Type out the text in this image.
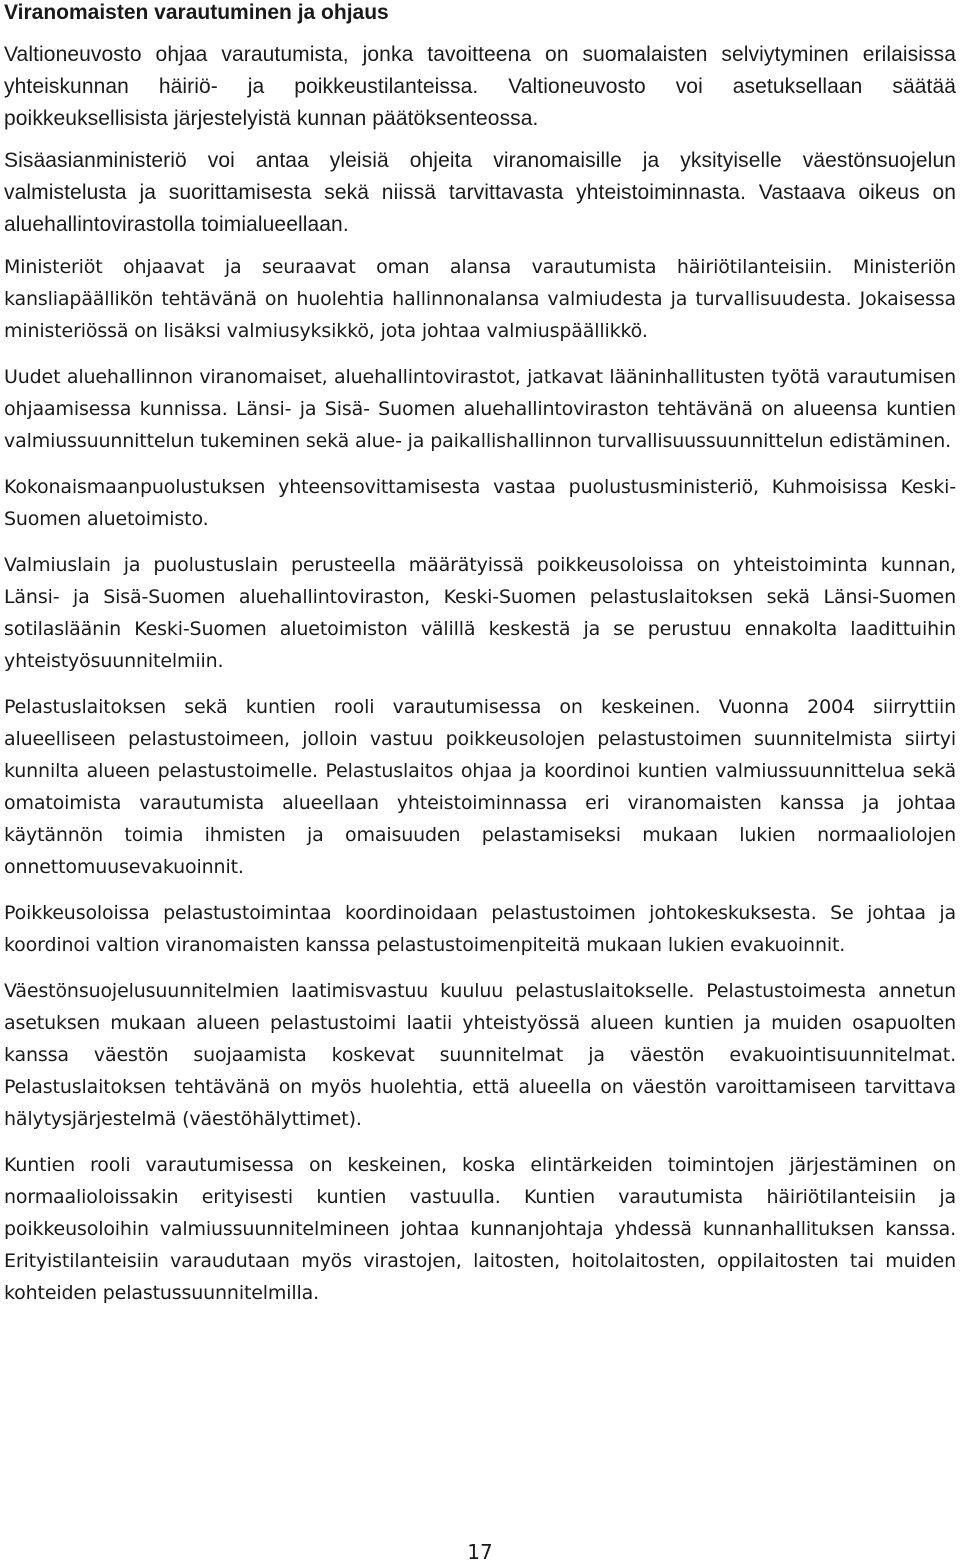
Viranomaisten varautuminen ja ohjaus

Valtioneuvosto ohjaa varautumista, jonka tavoitteena on suomalaisten selviytyminen erilaisissa yhteiskunnan häiriö- ja poikkeustilanteissa. Valtioneuvosto voi asetuksellaan säätää poikkeuksellisista järjestelyistä kunnan päätöksenteossa.

Sisäasianministeriö voi antaa yleisiä ohjeita viranomaisille ja yksityiselle väestönsuojelun valmistelusta ja suorittamisesta sekä niissä tarvittavasta yhteistoiminnasta. Vastaava oikeus on aluehallintovirastolla toimialueellaan.

Ministeriöt ohjaavat ja seuraavat oman alansa varautumista häiriötilanteisiin. Ministeriön kansliapäällikön tehtävänä on huolehtia hallinnonalansa valmiudesta ja turvallisuudesta. Jokaisessa ministeriössä on lisäksi valmiusyksikkö, jota johtaa valmiuspäällikkö.

Uudet aluehallinnon viranomaiset, aluehallintovirastot, jatkavat lääninhallitusten työtä varautumisen ohjaamisessa kunnissa. Länsi- ja Sisä- Suomen aluehallintoviraston tehtävänä on alueensa kuntien valmiussuunnittelun tukeminen sekä alue- ja paikallishallinnon turvallisuussuunnittelun edistäminen.

Kokonaismaanpuolustuksen yhteensovittamisesta vastaa puolustusministeriö, Kuhmoisissa Keski-Suomen aluetoimisto.

Valmiuslain ja puolustuslain perusteella määrätyissä poikkeusoloissa on yhteistoiminta kunnan, Länsi- ja Sisä-Suomen aluehallintoviraston, Keski-Suomen pelastuslaitoksen sekä Länsi-Suomen sotilasläänin Keski-Suomen aluetoimiston välillä keskestä ja se perustuu ennakolta laadittuihin yhteistyösuunnitelmiin.

Pelastuslaitoksen sekä kuntien rooli varautumisessa on keskeinen. Vuonna 2004 siirryttiin alueelliseen pelastustoimeen, jolloin vastuu poikkeusolojen pelastustoimen suunnitelmista siirtyi kunnilta alueen pelastustoimelle. Pelastuslaitos ohjaa ja koordinoi kuntien valmiussuunnittelua sekä omatoimista varautumista alueellaan yhteistoiminnassa eri viranomaisten kanssa ja johtaa käytännön toimia ihmisten ja omaisuuden pelastamiseksi mukaan lukien normaaliolojen onnettomuusevakuoinnit.

Poikkeusoloissa pelastustoimintaa koordinoidaan pelastustoimen johtokeskuksesta. Se johtaa ja koordinoi valtion viranomaisten kanssa pelastustoimenpiteitä mukaan lukien evakuoinnit.

Väestönsuojelusuunnitelmien laatimisvastuu kuuluu pelastuslaitokselle. Pelastustoimesta annetun asetuksen mukaan alueen pelastustoimi laatii yhteistyössä alueen kuntien ja muiden osapuolten kanssa väestön suojaamista koskevat suunnitelmat ja väestön evakuointisuunnitelmat. Pelastuslaitoksen tehtävänä on myös huolehtia, että alueella on väestön varoittamiseen tarvittava hälytysjärjestelmä (väestöhälyttimet).

Kuntien rooli varautumisessa on keskeinen, koska elintärkeiden toimintojen järjestäminen on normaalioloissakin erityisesti kuntien vastuulla. Kuntien varautumista häiriötilanteisiin ja poikkeusoloihin valmiussuunnitelmineen johtaa kunnanjohtaja yhdessä kunnanhallituksen kanssa. Erityistilanteisiin varaudutaan myös virastojen, laitosten, hoitolaitosten, oppilaitosten tai muiden kohteiden pelastussuunnitelmilla.

17
